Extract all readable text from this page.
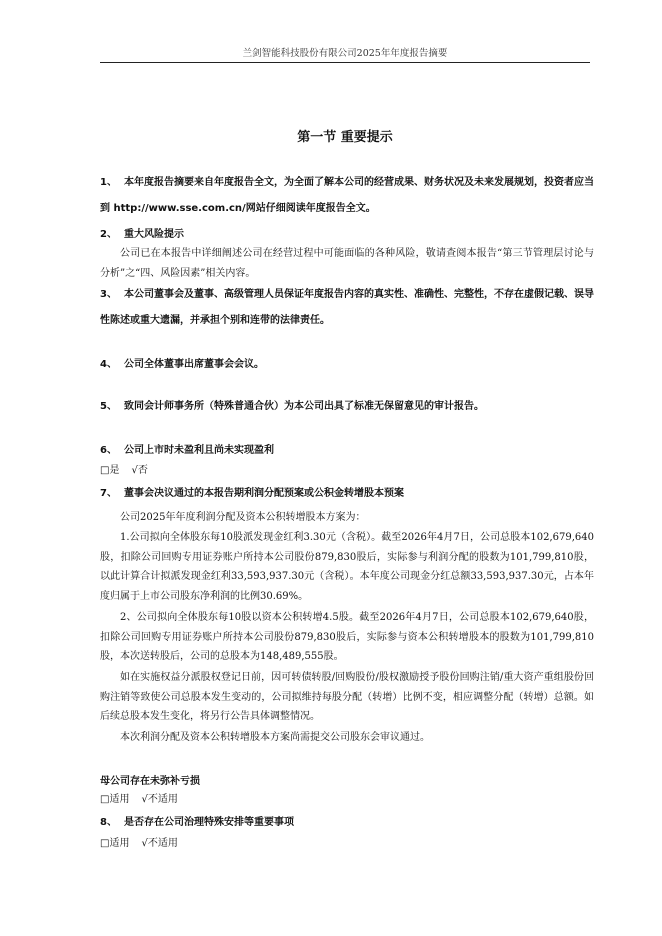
兰剑智能科技股份有限公司2025年年度报告摘要
第一节 重要提示
1、 本年度报告摘要来自年度报告全文，为全面了解本公司的经营成果、财务状况及未来发展规划，投资者应当到 http://www.sse.com.cn/网站仔细阅读年度报告全文。
2、 重大风险提示
公司已在本报告中详细阐述公司在经营过程中可能面临的各种风险，敬请查阅本报告“第三节管理层讨论与分析”之“四、风险因素”相关内容。
3、 本公司董事会及董事、高级管理人员保证年度报告内容的真实性、准确性、完整性，不存在虚假记载、误导性陈述或重大遗漏，并承担个别和连带的法律责任。
4、 公司全体董事出席董事会会议。
5、 致同会计师事务所（特殊普通合伙）为本公司出具了标准无保留意见的审计报告。
6、 公司上市时未盈利且尚未实现盈利
□是 √否
7、 董事会决议通过的本报告期利润分配预案或公积金转增股本预案
公司2025年年度利润分配及资本公积转增股本方案为：
1.公司拟向全体股东每10股派发现金红利3.30元（含税）。截至2026年4月7日，公司总股本102,679,640股，扣除公司回购专用证券账户所持本公司股份879,830股后，实际参与利润分配的股数为101,799,810股，以此计算合计拟派发现金红利33,593,937.30元（含税）。本年度公司现金分红总额33,593,937.30元，占本年度归属于上市公司股东净利润的比例30.69%。
2、公司拟向全体股东每10股以资本公积转增4.5股。截至2026年4月7日，公司总股本102,679,640股，扣除公司回购专用证券账户所持本公司股份879,830股后，实际参与资本公积转增股本的股数为101,799,810股，本次送转股后，公司的总股本为148,489,555股。
如在实施权益分派股权登记日前，因可转债转股/回购股份/股权激励授予股份回购注销/重大资产重组股份回购注销等致使公司总股本发生变动的，公司拟维持每股分配（转增）比例不变，相应调整分配（转增）总额。如后续总股本发生变化，将另行公告具体调整情况。
本次利润分配及资本公积转增股本方案尚需提交公司股东会审议通过。
母公司存在未弥补亏损
□适用 √不适用
8、 是否存在公司治理特殊安排等重要事项
□适用 √不适用
